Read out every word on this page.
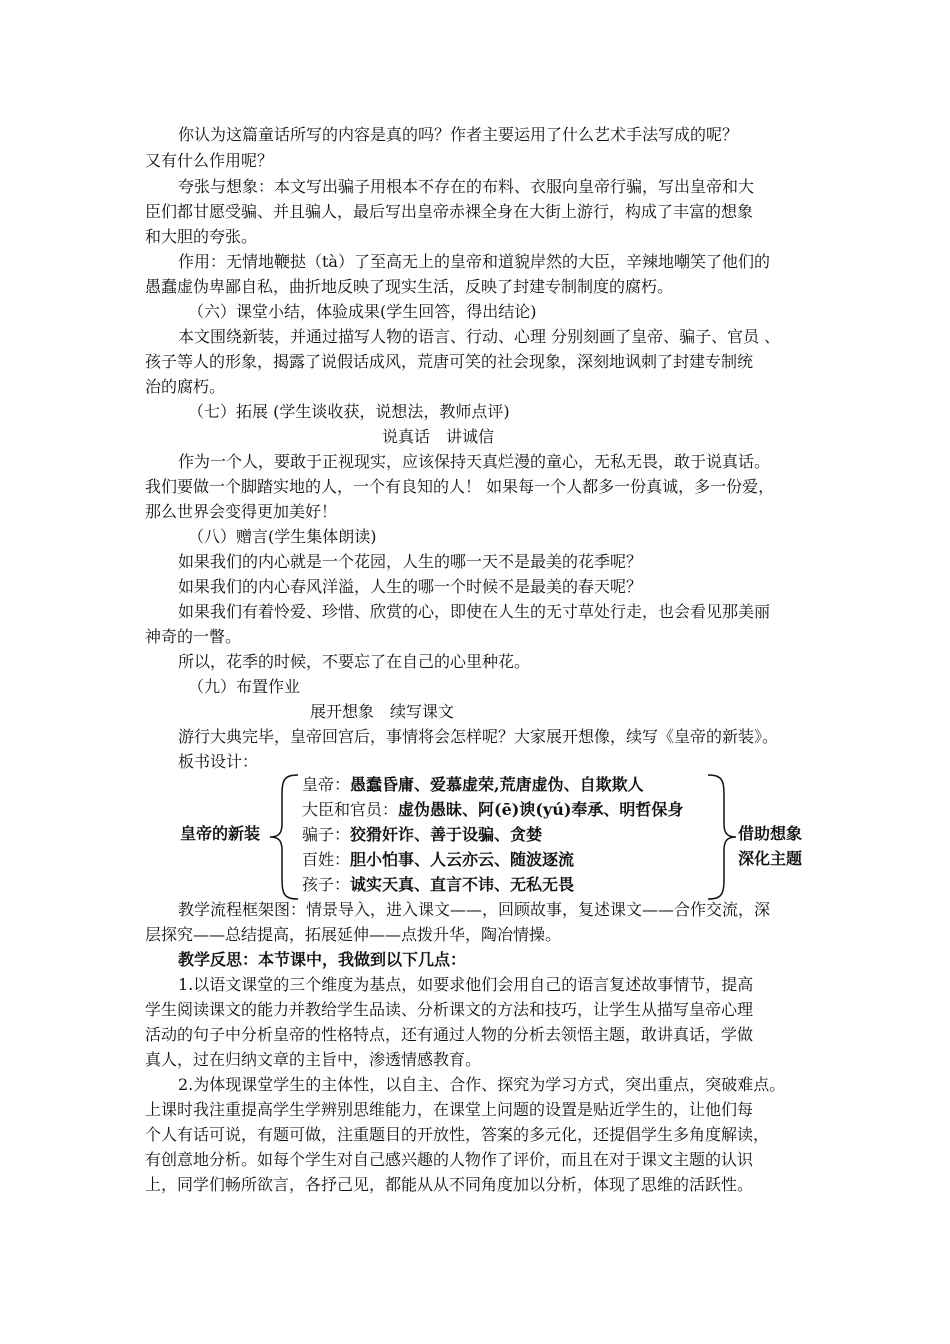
你认为这篇童话所写的内容是真的吗？作者主要运用了什么艺术手法写成的呢？
又有什么作用呢？
夸张与想象：本文写出骗子用根本不存在的布料、衣服向皇帝行骗，写出皇帝和大
臣们都甘愿受骗、并且骗人，最后写出皇帝赤裸全身在大街上游行，构成了丰富的想象
和大胆的夸张。
作用：无情地鞭挞（tà）了至高无上的皇帝和道貌岸然的大臣，辛辣地嘲笑了他们的
愚蠢虚伪卑鄙自私，曲折地反映了现实生活，反映了封建专制制度的腐朽。
（六）课堂小结，体验成果(学生回答，得出结论)
本文围绕新装，并通过描写人物的语言、行动、心理 分别刻画了皇帝、骗子、官员 、
孩子等人的形象，揭露了说假话成风，荒唐可笑的社会现象，深刻地讽刺了封建专制统
治的腐朽。
（七）拓展 (学生谈收获，说想法，教师点评)
说真话　讲诚信
作为一个人，要敢于正视现实，应该保持天真烂漫的童心，无私无畏，敢于说真话。
我们要做一个脚踏实地的人，一个有良知的人！ 如果每一个人都多一份真诚，多一份爱，
那么世界会变得更加美好！
（八）赠言(学生集体朗读)
如果我们的内心就是一个花园，人生的哪一天不是最美的花季呢？
如果我们的内心春风洋溢，人生的哪一个时候不是最美的春天呢？
如果我们有着怜爱、珍惜、欣赏的心，即使在人生的无寸草处行走，也会看见那美丽
神奇的一瞥。
所以，花季的时候，不要忘了在自己的心里种花。
（九）布置作业
展开想象　续写课文
游行大典完毕，皇帝回宫后，事情将会怎样呢？大家展开想像，续写《皇帝的新装》。
板书设计：
皇帝的新装
皇帝：愚蠢昏庸、爱慕虚荣,荒唐虚伪、自欺欺人
大臣和官员：虚伪愚昧、阿(ē)谀(yú)奉承、明哲保身
骗子：狡猾奸诈、善于设骗、贪婪
百姓：胆小怕事、人云亦云、随波逐流
孩子：诚实天真、直言不讳、无私无畏
借助想象
深化主题
教学流程框架图：情景导入，进入课文——，回顾故事，复述课文——合作交流，深
层探究——总结提高，拓展延伸——点拨升华，陶冶情操。
教学反思：本节课中，我做到以下几点：
1.以语文课堂的三个维度为基点，如要求他们会用自己的语言复述故事情节，提高
学生阅读课文的能力并教给学生品读、分析课文的方法和技巧，让学生从描写皇帝心理
活动的句子中分析皇帝的性格特点，还有通过人物的分析去领悟主题，敢讲真话，学做
真人，过在归纳文章的主旨中，渗透情感教育。
2.为体现课堂学生的主体性，以自主、合作、探究为学习方式，突出重点，突破难点。
上课时我注重提高学生学辨别思维能力，在课堂上问题的设置是贴近学生的，让他们每
个人有话可说，有题可做，注重题目的开放性，答案的多元化，还提倡学生多角度解读，
有创意地分析。如每个学生对自己感兴趣的人物作了评价，而且在对于课文主题的认识
上，同学们畅所欲言，各抒己见，都能从从不同角度加以分析，体现了思维的活跃性。
